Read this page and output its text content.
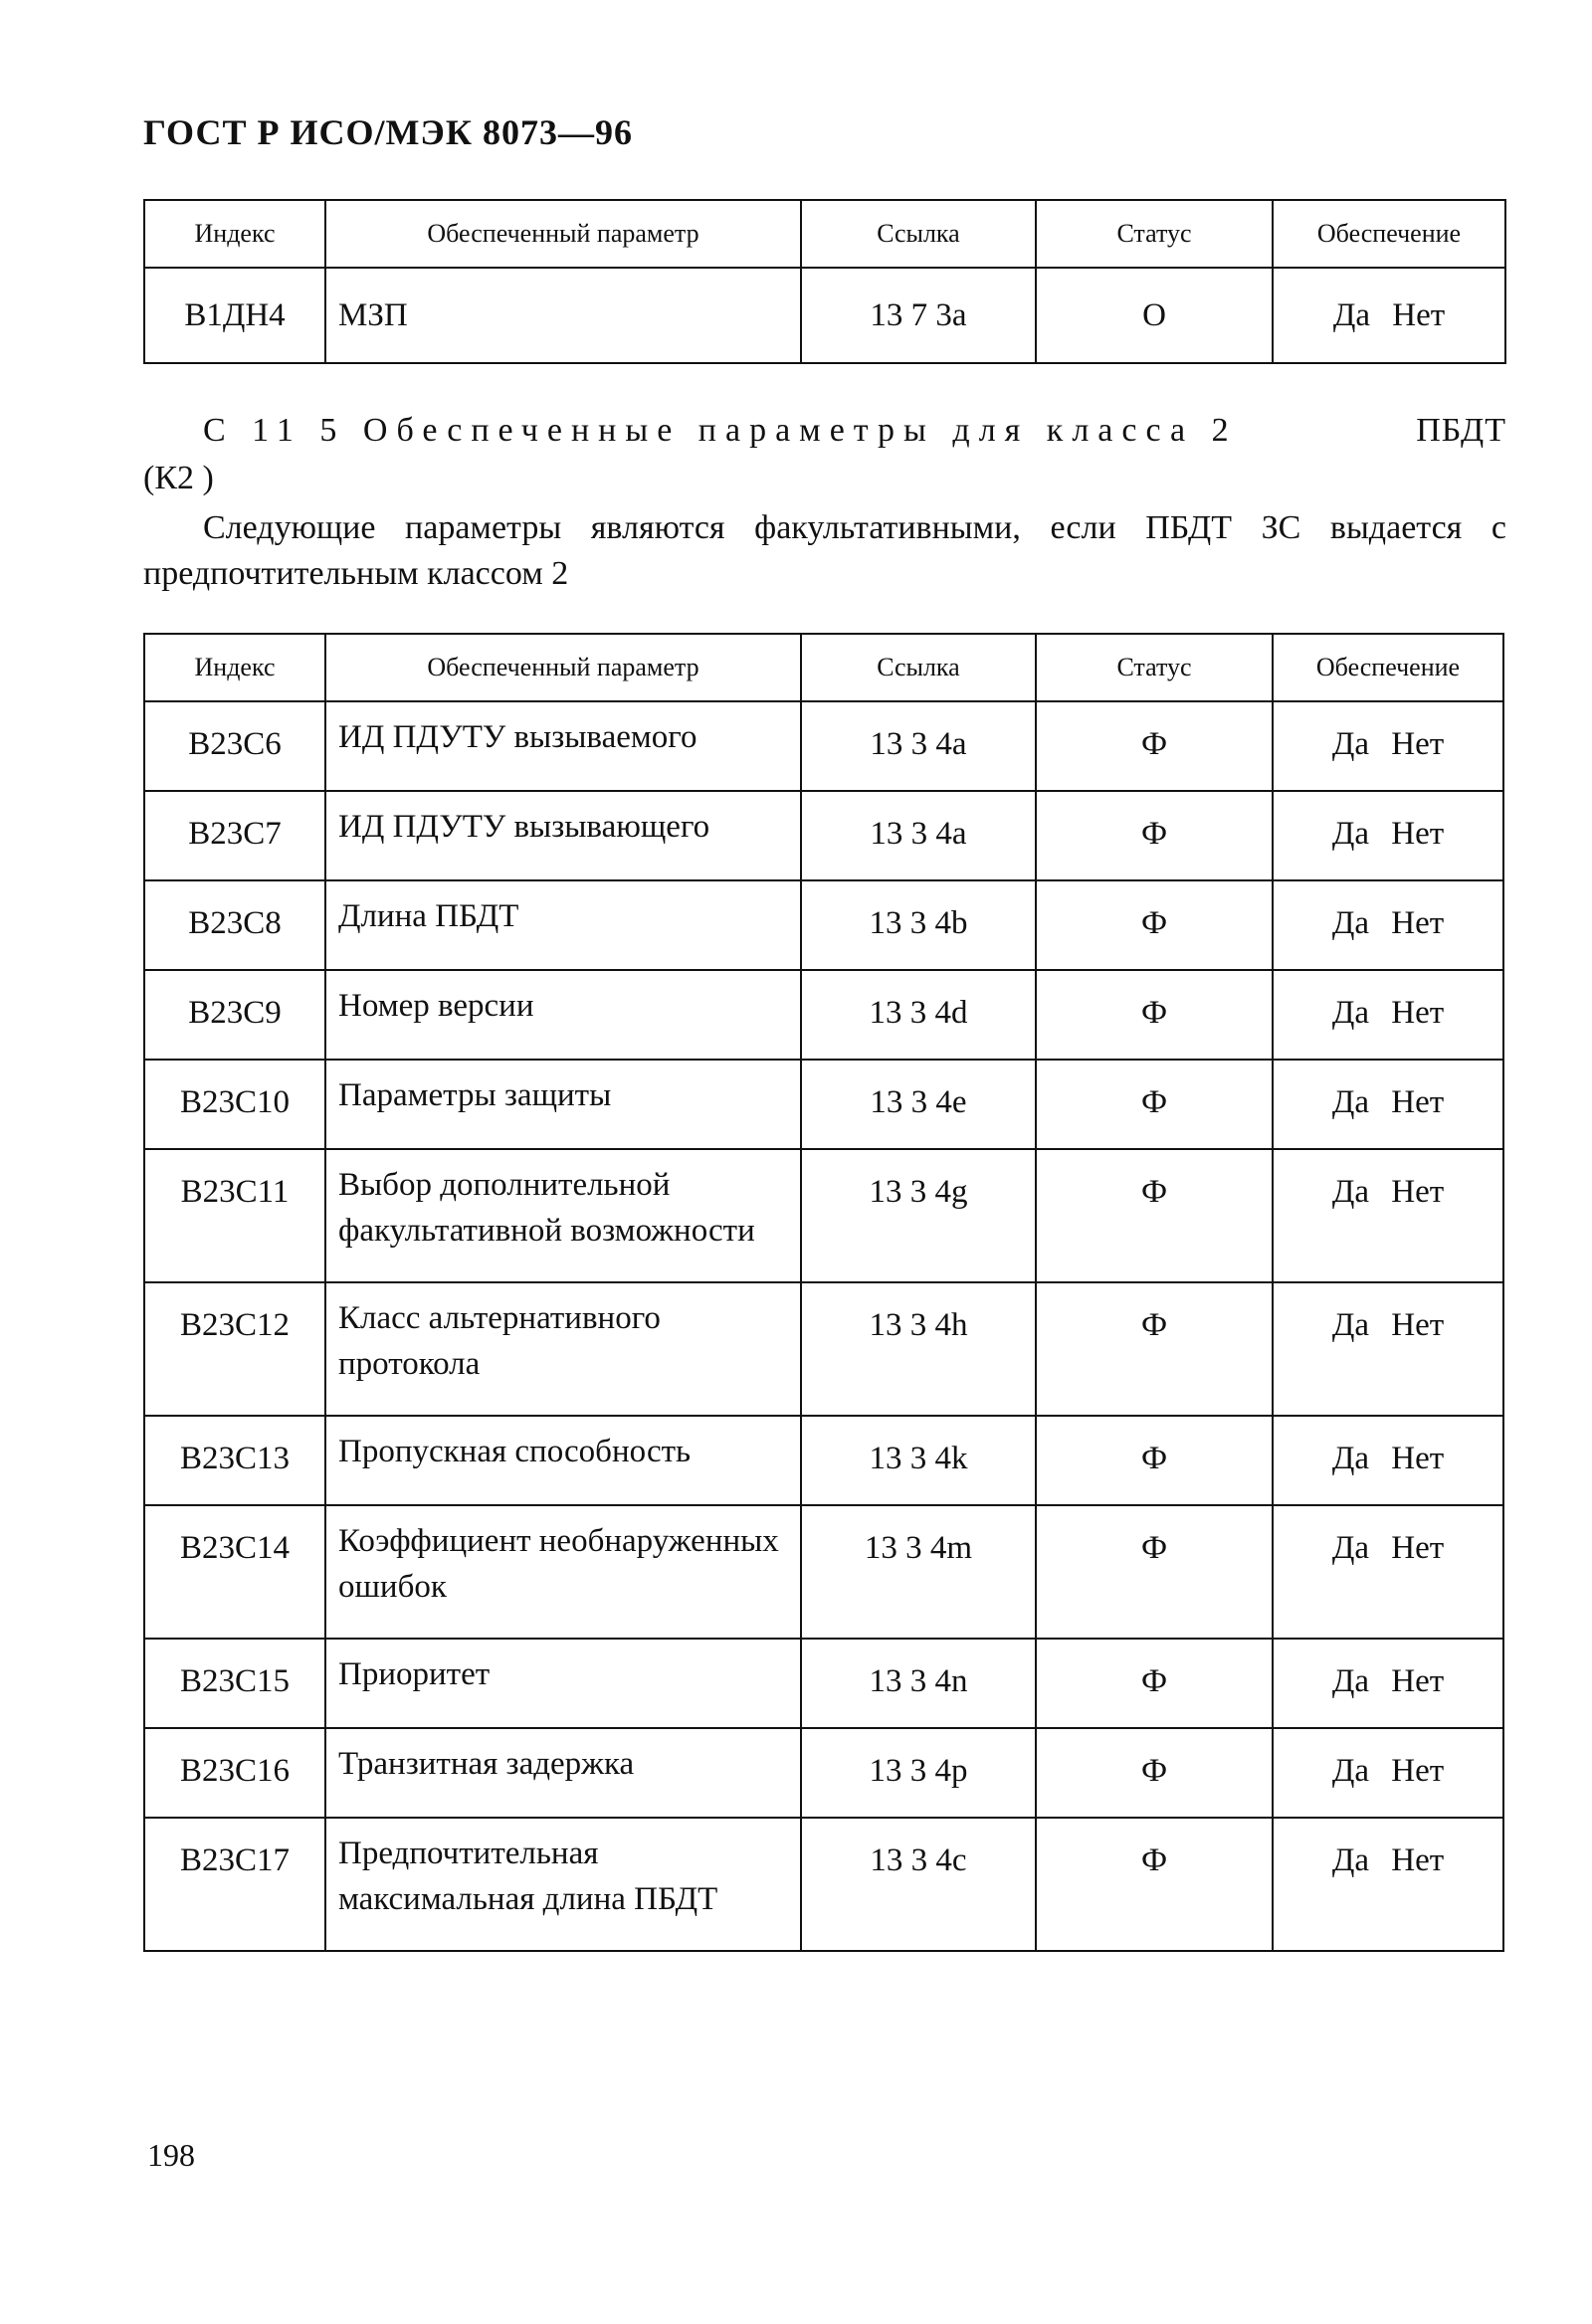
ГОСТ Р ИСО/МЭК 8073—96
Индекс	Обеспеченный параметр	Ссылка	Статус	Обеспечение
В1ДН4	МЗП	13 7 3а	О	Да Нет
С 11 5 Обеспеченные параметры для класса 2	ПБДТ
(К2 )
Следующие параметры являются факультативными, если ПБДТ ЗС выдается с предпочтительным классом 2
Индекс	Обеспеченный параметр	Ссылка	Статус	Обеспечение
В23С6	ИД ПДУТУ вызываемого	13 3 4а	Ф	Да Нет
В23С7	ИД ПДУТУ вызывающего	13 3 4а	Ф	Да Нет
В23С8	Длина ПБДТ	13 3 4b	Ф	Да Нет
В23С9	Номер версии	13 3 4d	Ф	Да Нет
В23С10	Параметры защиты	13 3 4е	Ф	Да Нет
В23С11	Выбор дополнительной факультативной возможности	13 3 4g	Ф	Да Нет
В23С12	Класс альтернативного протокола	13 3 4h	Ф	Да Нет
В23С13	Пропускная способность	13 3 4k	Ф	Да Нет
В23С14	Коэффициент необнаруженных ошибок	13 3 4m	Ф	Да Нет
В23С15	Приоритет	13 3 4n	Ф	Да Нет
В23С16	Транзитная задержка	13 3 4р	Ф	Да Нет
В23С17	Предпочтительная максимальная длина ПБДТ	13 3 4с	Ф	Да Нет
198
